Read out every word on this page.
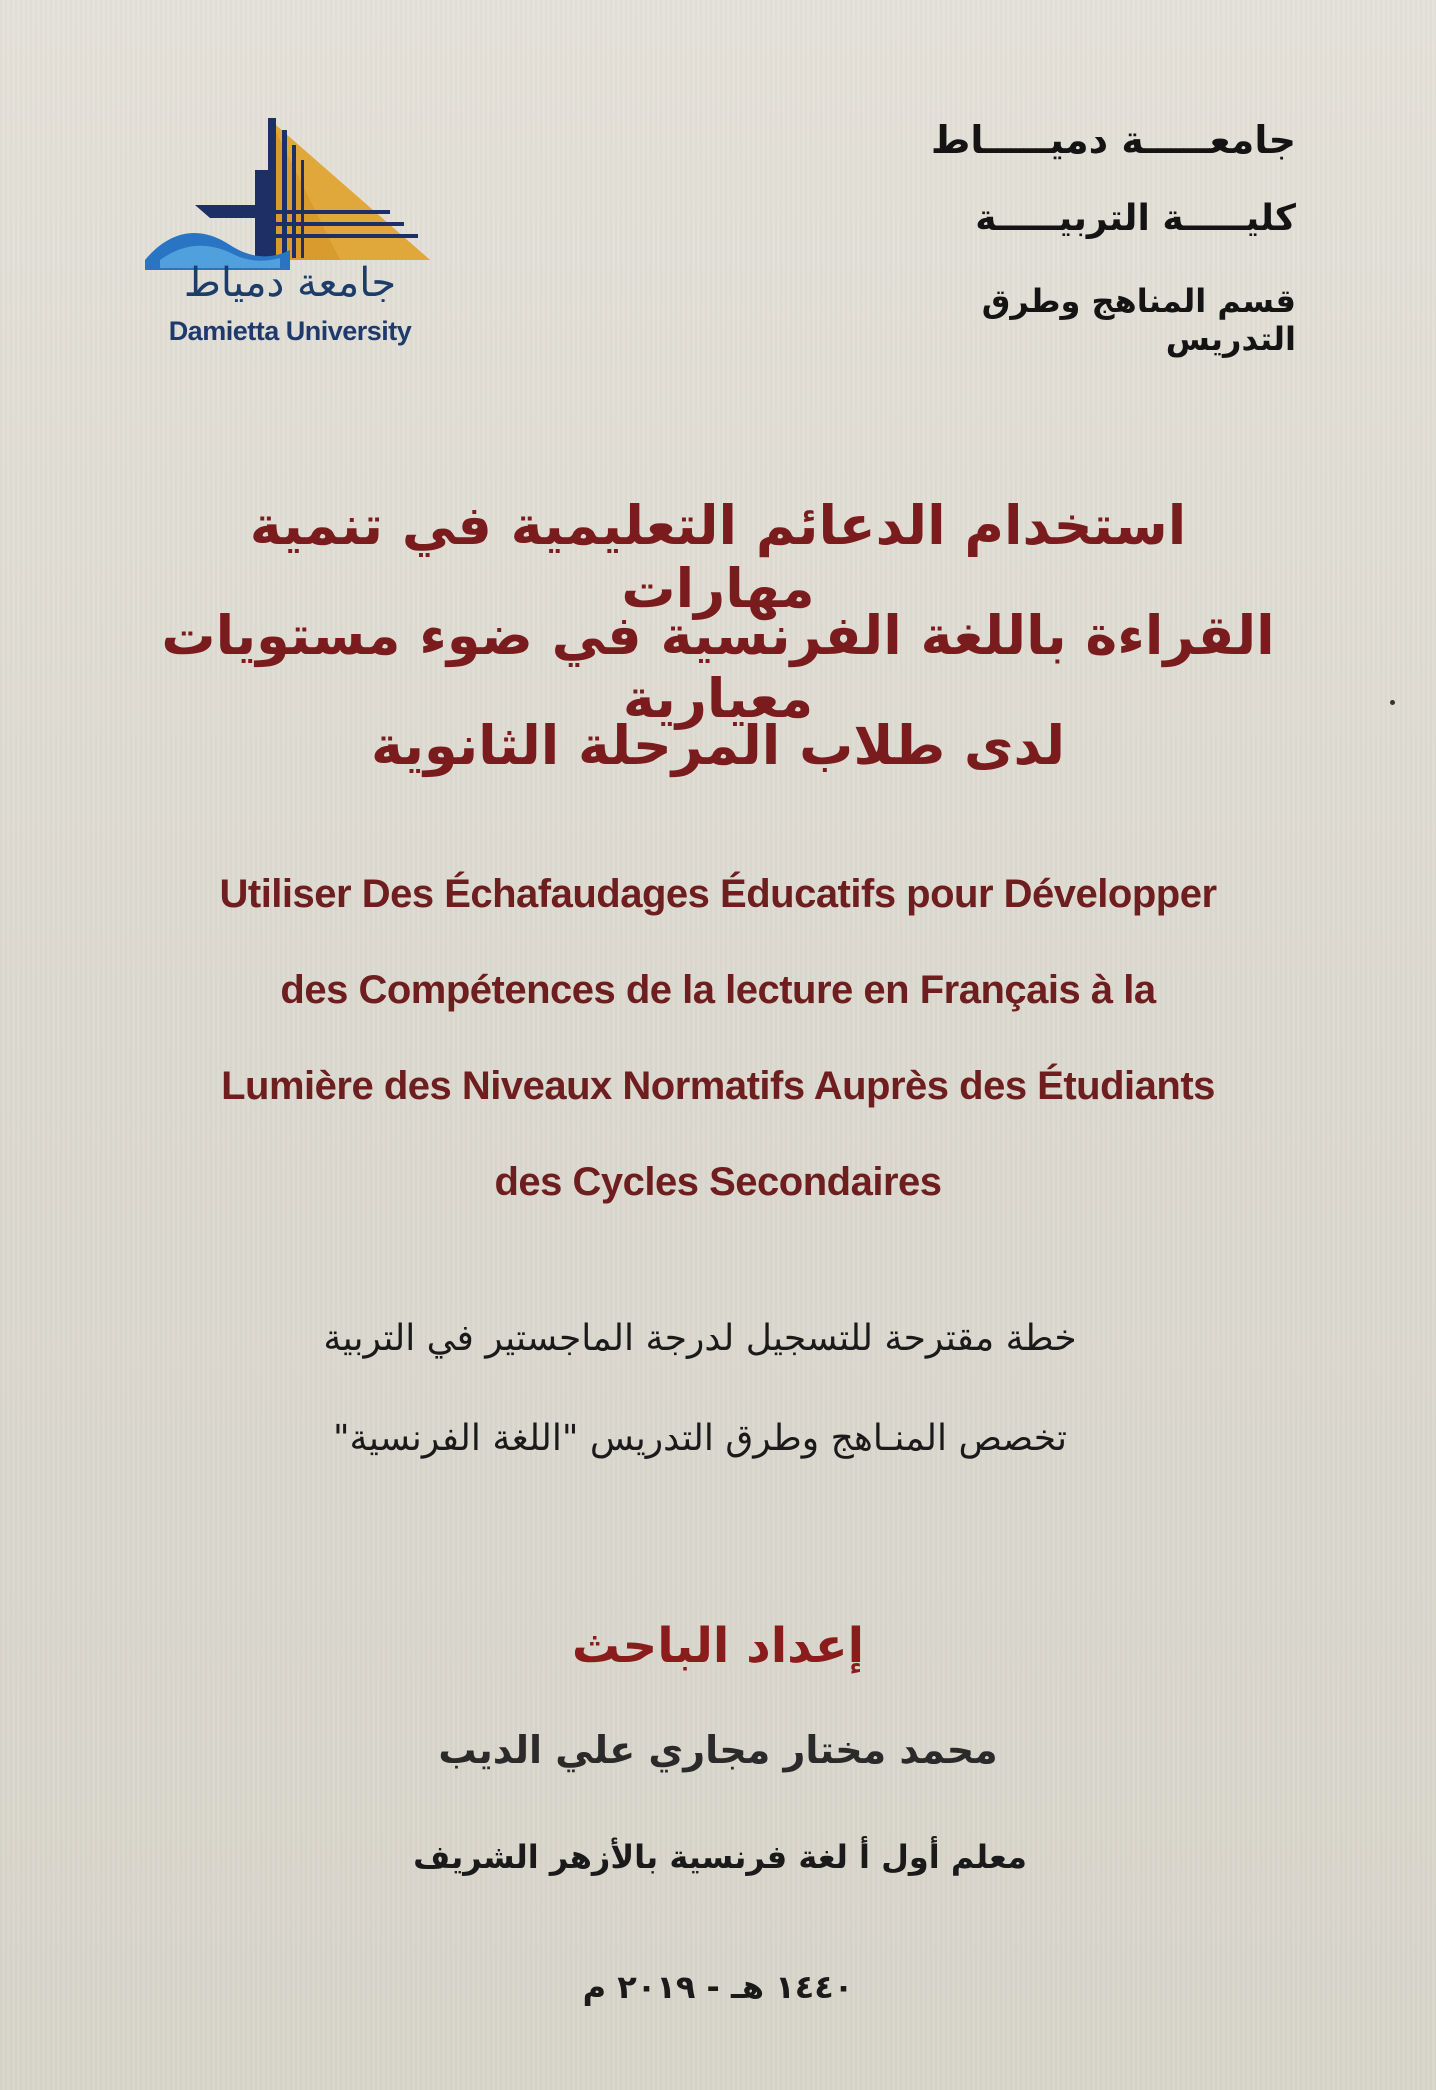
جامعة دمياط
Damietta University
جامعـــــة دميـــــاط
كليـــــة التربيـــــة
قسم المناهج وطرق التدريس
استخدام الدعائم التعليمية في تنمية مهارات
القراءة باللغة الفرنسية في ضوء مستويات معيارية
لدى طلاب المرحلة الثانوية
Utiliser Des Échafaudages Éducatifs pour Développer
des Compétences de la lecture en Français à la
Lumière des Niveaux Normatifs Auprès des Étudiants
des Cycles Secondaires
خطة مقترحة للتسجيل لدرجة الماجستير في التربية
تخصص المنـاهج وطرق التدريس "اللغة الفرنسية"
إعداد الباحث
محمد مختار مجاري علي الديب
معلم أول أ لغة فرنسية بالأزهر الشريف
١٤٤٠ هـ - ٢٠١٩ م
